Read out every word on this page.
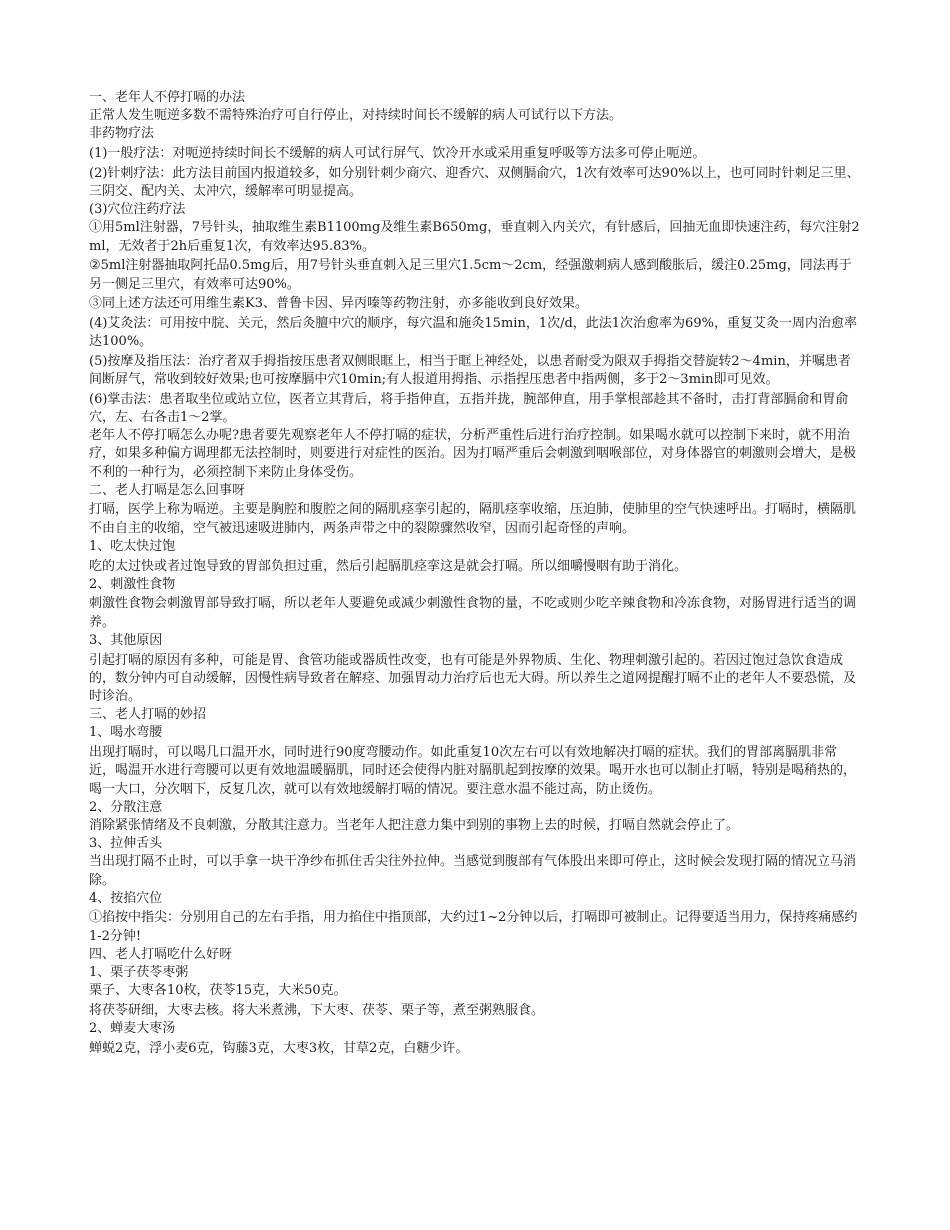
一、老年人不停打嗝的办法

正常人发生呃逆多数不需特殊治疗可自行停止，对持续时间长不缓解的病人可试行以下方法。

非药物疗法

(1)一般疗法：对呃逆持续时间长不缓解的病人可试行屏气、饮冷开水或采用重复呼吸等方法多可停止呃逆。

(2)针刺疗法：此方法目前国内报道较多，如分别针刺少商穴、迎香穴、双侧膈俞穴，1次有效率可达90%以上，也可同时针刺足三里、三阴交、配内关、太冲穴，缓解率可明显提高。

(3)穴位注药疗法

①用5ml注射器，7号针头，抽取维生素B1100mg及维生素B650mg，垂直刺入内关穴，有针感后，回抽无血即快速注药，每穴注射2ml，无效者于2h后重复1次，有效率达95.83%。

②5ml注射器抽取阿托品0.5mg后，用7号针头垂直刺入足三里穴1.5cm～2cm，经强激刺病人感到酸胀后，缓注0.25mg，同法再于另一侧足三里穴，有效率可达90%。

③同上述方法还可用维生素K3、普鲁卡因、异丙嗪等药物注射，亦多能收到良好效果。

(4)艾灸法：可用按中脘、关元，然后灸膻中穴的顺序，每穴温和施灸15min，1次/d，此法1次治愈率为69%，重复艾灸一周内治愈率达100%。

(5)按摩及指压法：治疗者双手拇指按压患者双侧眼眶上，相当于眶上神经处，以患者耐受为限双手拇指交替旋转2～4min，并嘱患者间断屏气，常收到较好效果;也可按摩膈中穴10min;有人报道用拇指、示指捏压患者中指两侧，多于2～3min即可见效。

(6)掌击法：患者取坐位或站立位，医者立其背后，将手指伸直，五指并拢，腕部伸直，用手掌根部趁其不备时，击打背部膈俞和胃俞穴，左、右各击1～2掌。

老年人不停打嗝怎么办呢?患者要先观察老年人不停打嗝的症状，分析严重性后进行治疗控制。如果喝水就可以控制下来时，就不用治疗，如果多种偏方调理都无法控制时，则要进行对症性的医治。因为打嗝严重后会刺激到咽喉部位，对身体器官的刺激则会增大，是极不利的一种行为，必须控制下来防止身体受伤。

二、老人打嗝是怎么回事呀

打嗝，医学上称为嗝逆。主要是胸腔和腹腔之间的隔肌痉挛引起的，隔肌痉挛收缩，压迫肺，使肺里的空气快速呼出。打嗝时，横隔肌不由自主的收缩，空气被迅速吸进肺内，两条声带之中的裂隙骤然收窄，因而引起奇怪的声响。

1、吃太快过饱

吃的太过快或者过饱导致的胃部负担过重，然后引起膈肌痉挛这是就会打嗝。所以细嚼慢咽有助于消化。

2、刺激性食物

刺激性食物会刺激胃部导致打嗝，所以老年人要避免或减少刺激性食物的量，不吃或则少吃辛辣食物和冷冻食物，对肠胃进行适当的调养。

3、其他原因

引起打嗝的原因有多种，可能是胃、食管功能或器质性改变，也有可能是外界物质、生化、物理刺激引起的。若因过饱过急饮食造成的，数分钟内可自动缓解，因慢性病导致者在解痉、加强胃动力治疗后也无大碍。所以养生之道网提醒打嗝不止的老年人不要恐慌，及时诊治。

三、老人打嗝的妙招

1、喝水弯腰

出现打嗝时，可以喝几口温开水，同时进行90度弯腰动作。如此重复10次左右可以有效地解决打嗝的症状。我们的胃部离膈肌非常近，喝温开水进行弯腰可以更有效地温暖膈肌，同时还会使得内脏对膈肌起到按摩的效果。喝开水也可以制止打嗝，特别是喝稍热的，喝一大口，分次咽下，反复几次，就可以有效地缓解打嗝的情况。要注意水温不能过高，防止烫伤。

2、分散注意

消除紧张情绪及不良刺激，分散其注意力。当老年人把注意力集中到别的事物上去的时候，打嗝自然就会停止了。

3、拉伸舌头

当出现打隔不止时，可以手拿一块干净纱布抓住舌尖往外拉伸。当感觉到腹部有气体股出来即可停止，这时候会发现打隔的情况立马消除。

4、按掐穴位

①掐按中指尖：分别用自己的左右手指，用力掐住中指顶部，大约过1~2分钟以后，打嗝即可被制止。记得要适当用力，保持疼痛感约1-2分钟!

四、老人打嗝吃什么好呀

1、栗子茯苓枣粥

栗子、大枣各10枚，茯苓15克，大米50克。

将茯苓研细，大枣去核。将大米煮沸，下大枣、茯苓、栗子等，煮至粥熟服食。

2、蝉麦大枣汤

蝉蜕2克，浮小麦6克，钩藤3克，大枣3枚，甘草2克，白糖少许。
